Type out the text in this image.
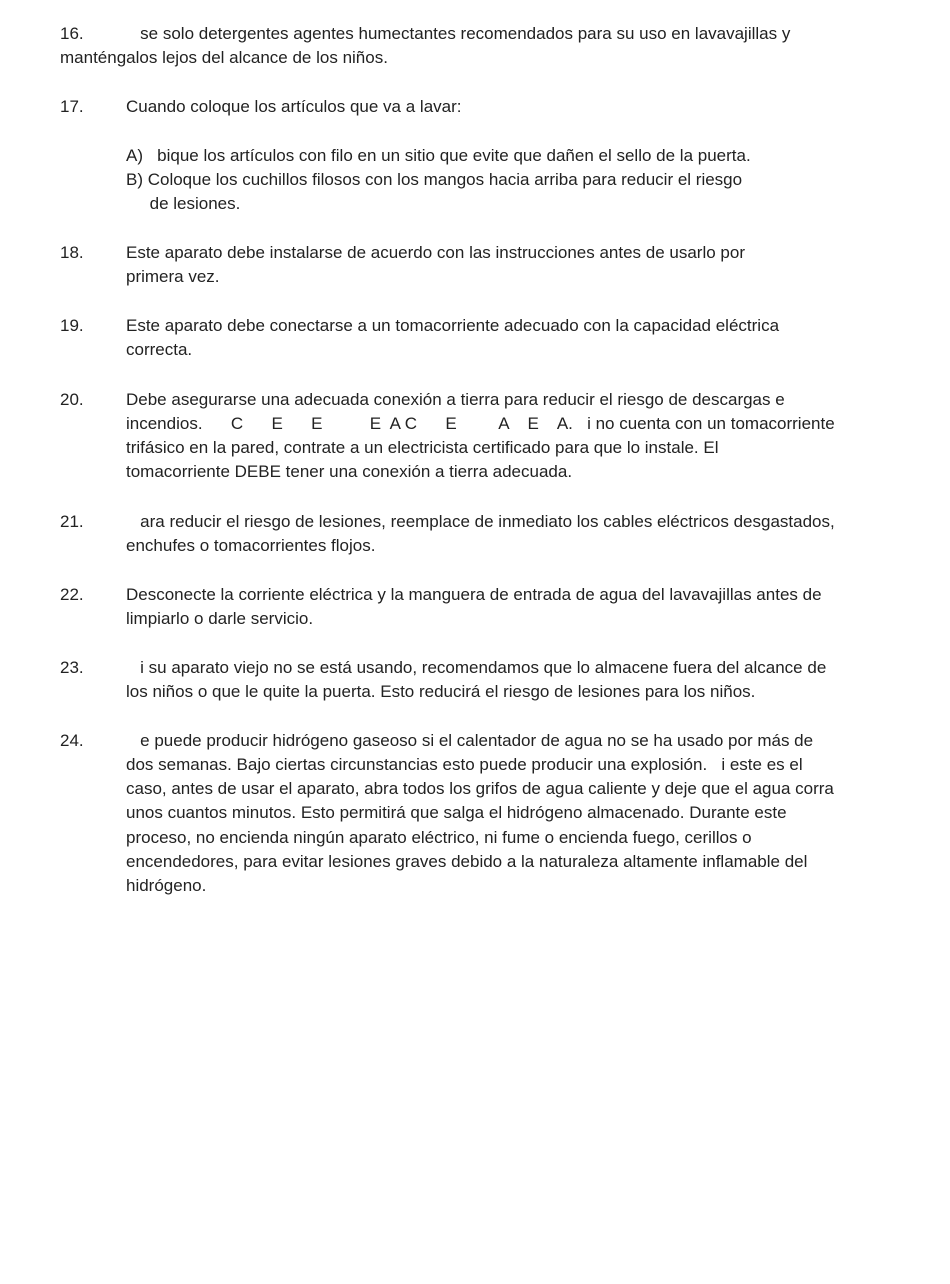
16. se solo detergentes agentes humectantes recomendados para su uso en lavavajillas y
manténgalos lejos del alcance de los niños.
17. Cuando coloque los artículos que va a lavar:
A)   bique los artículos con filo en un sitio que evite que dañen el sello de la puerta.
B) Coloque los cuchillos filosos con los mangos hacia arriba para reducir el riesgo
de lesiones.
18. Este aparato debe instalarse de acuerdo con las instrucciones antes de usarlo por
primera vez.
19. Este aparato debe conectarse a un tomacorriente adecuado con la capacidad eléctrica
correcta.
20. Debe asegurarse una adecuada conexión a tierra para reducir el riesgo de descargas e
incendios.      C      E      E          E  A C      E         A    E    A.   i no cuenta con un tomacorriente
trifásico en la pared, contrate a un electricista certificado para que lo instale. El
tomacorriente DEBE tener una conexión a tierra adecuada.
21. ara reducir el riesgo de lesiones, reemplace de inmediato los cables eléctricos desgastados,
enchufes o tomacorrientes flojos.
22. Desconecte la corriente eléctrica y la manguera de entrada de agua del lavavajillas antes de
limpiarlo o darle servicio.
23. i su aparato viejo no se está usando, recomendamos que lo almacene fuera del alcance de
los niños o que le quite la puerta. Esto reducirá el riesgo de lesiones para los niños.
24. e puede producir hidrógeno gaseoso si el calentador de agua no se ha usado por más de
dos semanas. Bajo ciertas circunstancias esto puede producir una explosión.   i este es el
caso, antes de usar el aparato, abra todos los grifos de agua caliente y deje que el agua corra
unos cuantos minutos. Esto permitirá que salga el hidrógeno almacenado. Durante este
proceso, no encienda ningún aparato eléctrico, ni fume o encienda fuego, cerillos o
encendedores, para evitar lesiones graves debido a la naturaleza altamente inflamable del
hidrógeno.
